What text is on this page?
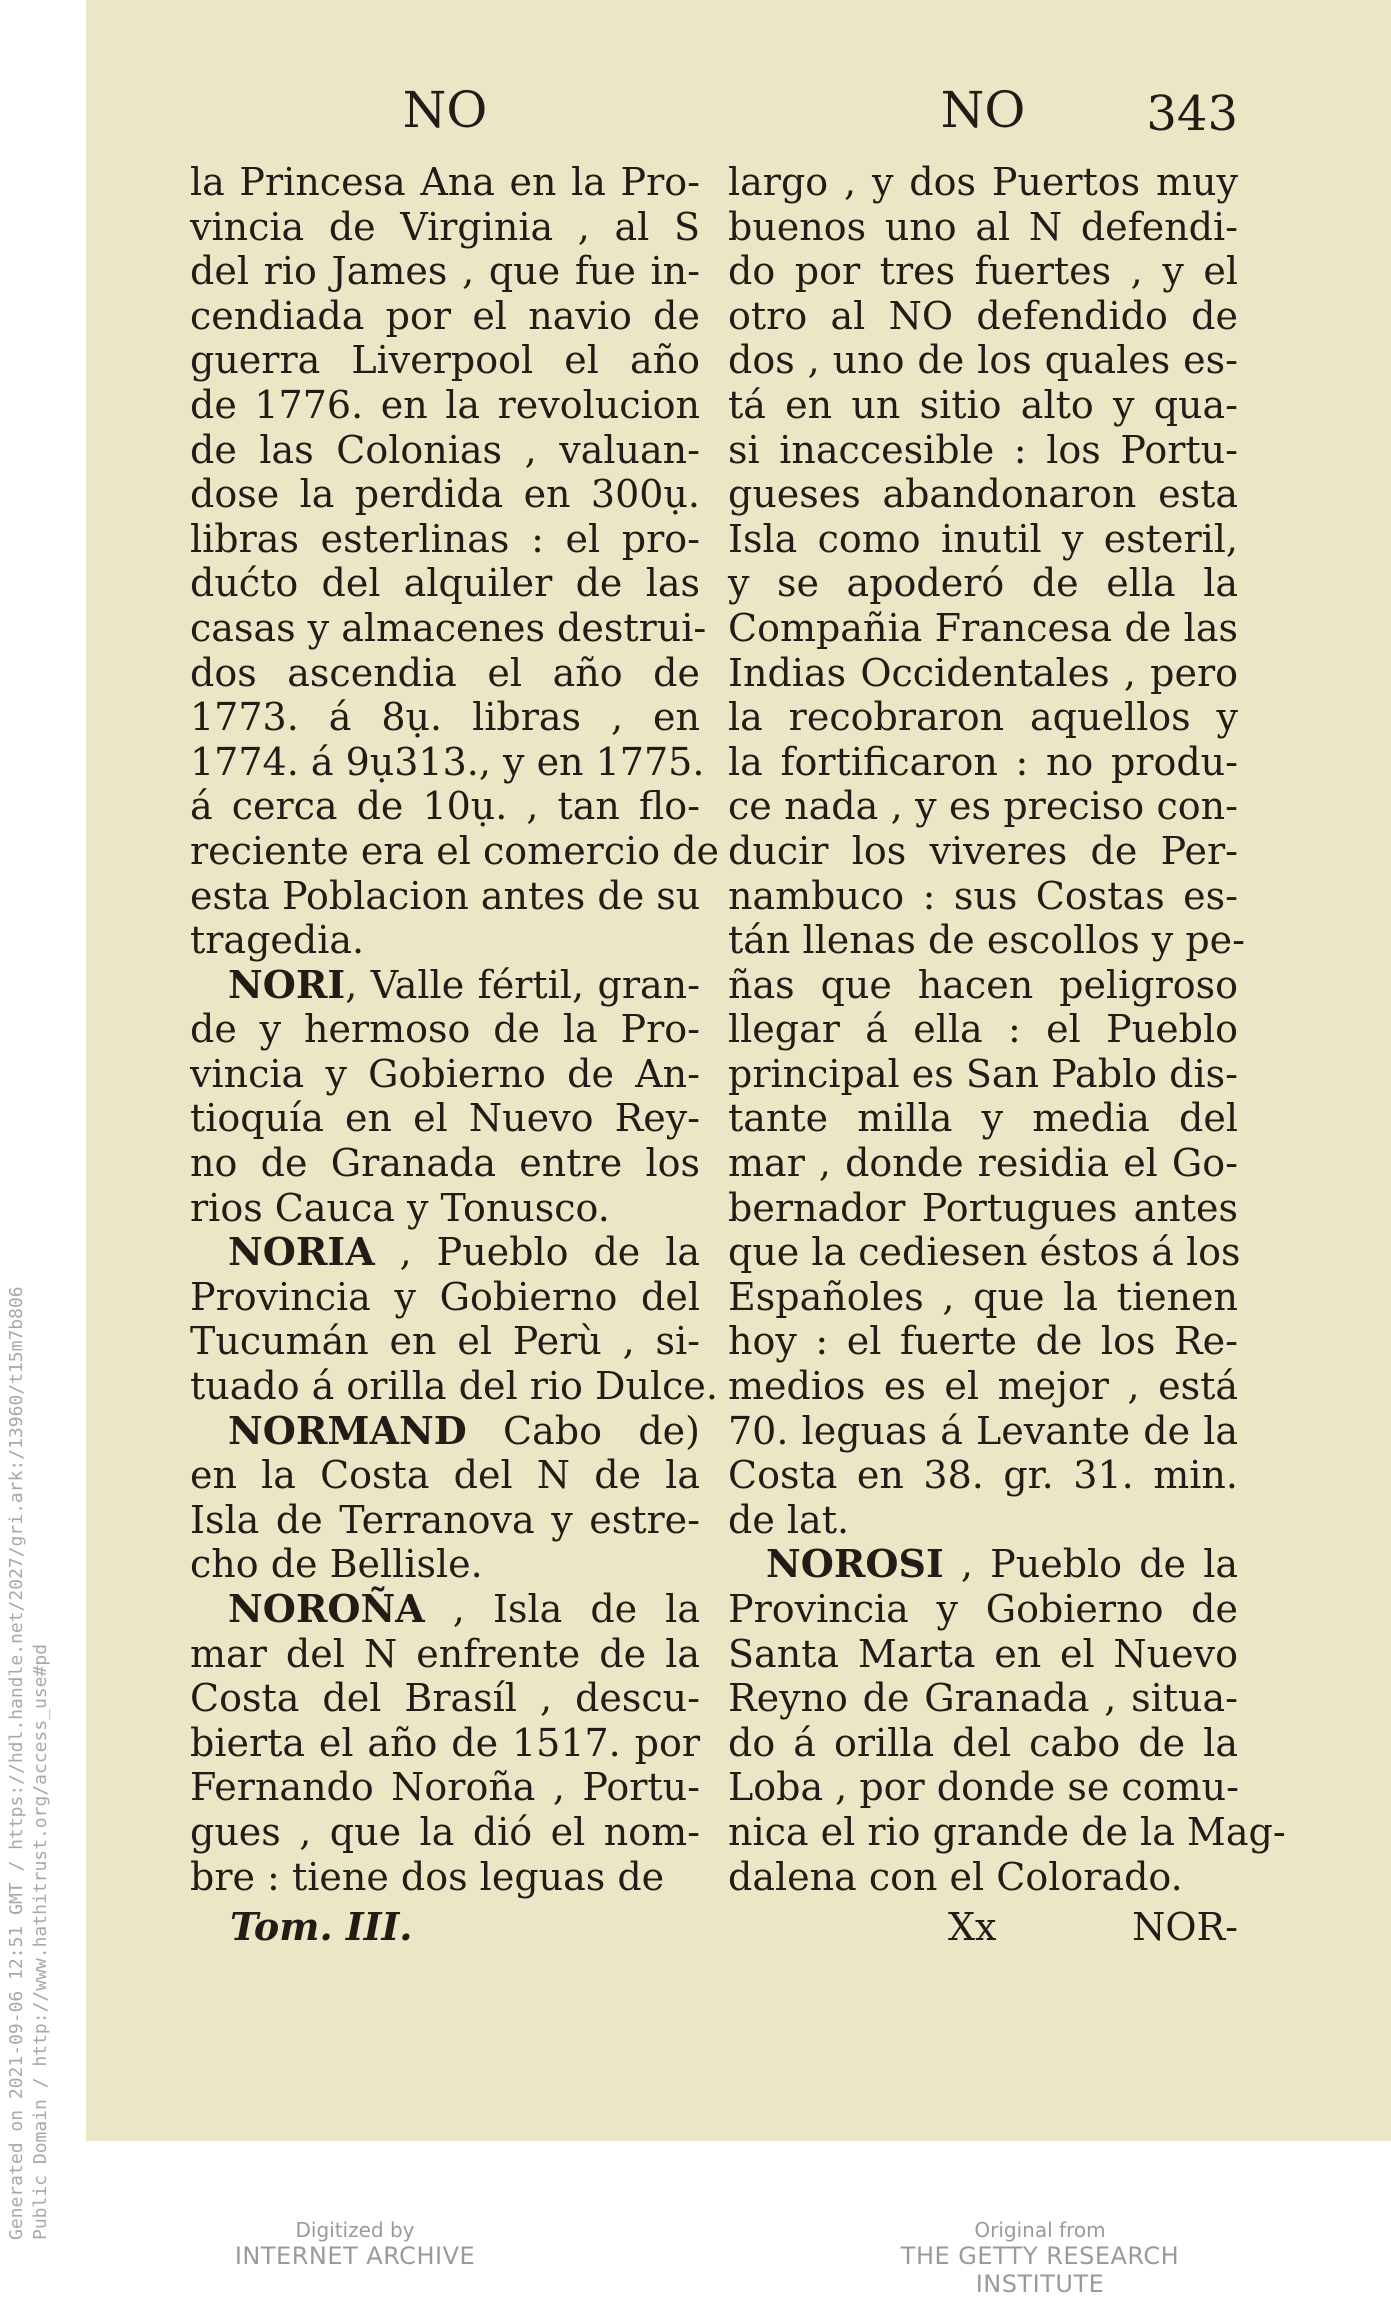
Generated on 2021-09-06 12:51 GMT / https://hdl.handle.net/2027/gri.ark:/13960/t15m7b806 Public Domain / http://www.hathitrust.org/access_use#pd
NO
la Princesa Ana en la Pro-
vincia de Virginia , al S
del rio James , que fue in-
cendiada por el navio de
guerra Liverpool el año
de 1776. en la revolucion
de las Colonias , valuan-
dose la perdida en 300ụ.
libras esterlinas : el pro-
dućto del alquiler de las
casas y almacenes destrui-
dos ascendia el año de
1773. á 8ụ. libras , en
1774. á 9ụ313., y en 1775.
á cerca de 10ụ. , tan flo-
reciente era el comercio de
esta Poblacion antes de su
tragedia.
NORI, Valle fértil, gran-
de y hermoso de la Pro-
vincia y Gobierno de An-
tioquía en el Nuevo Rey-
no de Granada entre los
rios Cauca y Tonusco.
NORIA , Pueblo de la
Provincia y Gobierno del
Tucumán en el Perù , si-
tuado á orilla del rio Dulce.
NORMAND Cabo de)
en la Costa del N de la
Isla de Terranova y estre-
cho de Bellisle.
NOROÑA , Isla de la
mar del N enfrente de la
Costa del Brasíl , descu-
bierta el año de 1517. por
Fernando Noroña , Portu-
gues , que la dió el nom-
bre : tiene dos leguas de
Tom. III.
NO	343
largo , y dos Puertos muy
buenos uno al N defendi-
do por tres fuertes , y el
otro al NO defendido de
dos , uno de los quales es-
tá en un sitio alto y qua-
si inaccesible : los Portu-
gueses abandonaron esta
Isla como inutil y esteril,
y se apoderó de ella la
Compañia Francesa de las
Indias Occidentales , pero
la recobraron aquellos y
la fortificaron : no produ-
ce nada , y es preciso con-
ducir los viveres de Per-
nambuco : sus Costas es-
tán llenas de escollos y pe-
ñas que hacen peligroso
llegar á ella : el Pueblo
principal es San Pablo dis-
tante milla y media del
mar , donde residia el Go-
bernador Portugues antes
que la cediesen éstos á los
Españoles , que la tienen
hoy : el fuerte de los Re-
medios es el mejor , está
70. leguas á Levante de la
Costa en 38. gr. 31. min.
de lat.
NOROSI , Pueblo de la
Provincia y Gobierno de
Santa Marta en el Nuevo
Reyno de Granada , situa-
do á orilla del cabo de la
Loba , por donde se comu-
nica el rio grande de la Mag-
dalena con el Colorado.
Xx	NOR-
Digitized by
INTERNET ARCHIVE
Original from
THE GETTY RESEARCH INSTITUTE
